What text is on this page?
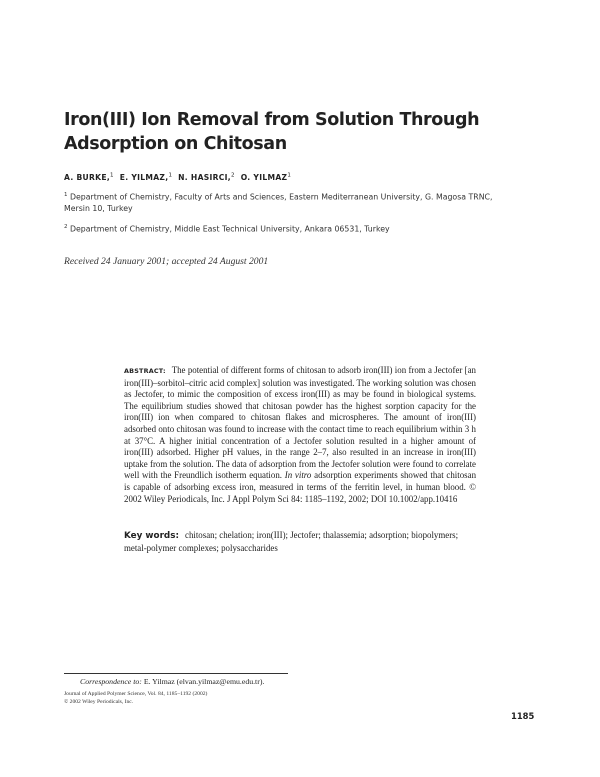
Iron(III) Ion Removal from Solution Through Adsorption on Chitosan
A. BURKE,$^1$ E. YILMAZ,$^1$ N. HASIRCI,$^2$ O. YILMAZ$^1$
$^1$ Department of Chemistry, Faculty of Arts and Sciences, Eastern Mediterranean University, G. Magosa TRNC, Mersin 10, Turkey
$^2$ Department of Chemistry, Middle East Technical University, Ankara 06531, Turkey
Received 24 January 2001; accepted 24 August 2001
ABSTRACT: The potential of different forms of chitosan to adsorb iron(III) ion from a Jectofer [an iron(III)–sorbitol–citric acid complex] solution was investigated. The working solution was chosen as Jectofer, to mimic the composition of excess iron(III) as may be found in biological systems. The equilibrium studies showed that chitosan powder has the highest sorption capacity for the iron(III) ion when compared to chitosan flakes and microspheres. The amount of iron(III) adsorbed onto chitosan was found to increase with the contact time to reach equilibrium within 3 h at 37°C. A higher initial concentration of a Jectofer solution resulted in a higher amount of iron(III) adsorbed. Higher pH values, in the range 2–7, also resulted in an increase in iron(III) uptake from the solution. The data of adsorption from the Jectofer solution were found to correlate well with the Freundlich isotherm equation. In vitro adsorption experiments showed that chitosan is capable of adsorbing excess iron, measured in terms of the ferritin level, in human blood. © 2002 Wiley Periodicals, Inc. J Appl Polym Sci 84: 1185–1192, 2002; DOI 10.1002/app.10416
Key words: chitosan; chelation; iron(III); Jectofer; thalassemia; adsorption; biopolymers; metal-polymer complexes; polysaccharides
Correspondence to: E. Yilmaz (elvan.yilmaz@emu.edu.tr).
Journal of Applied Polymer Science, Vol. 84, 1185–1192 (2002)
© 2002 Wiley Periodicals, Inc.
1185
